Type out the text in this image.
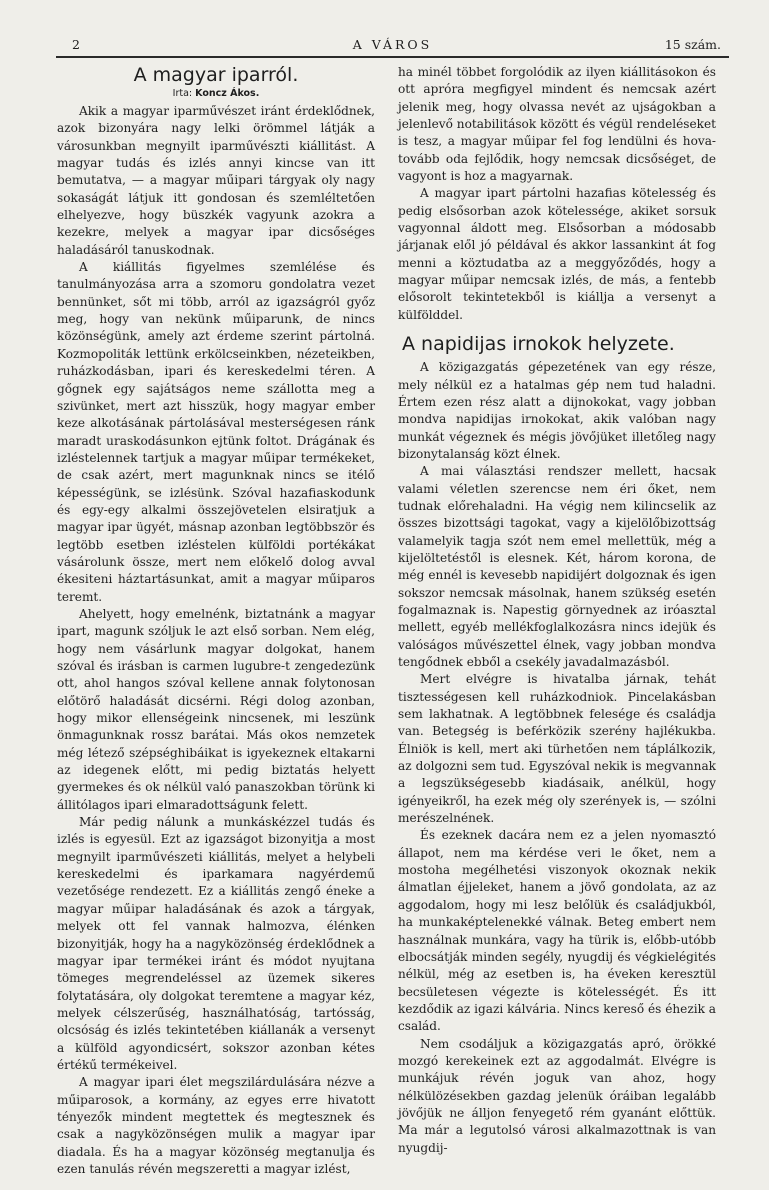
2	A VÁROS	15 szám.
A magyar iparról.
Irta: Koncz Ákos.

Akik a magyar iparművészet iránt érdeklődnek, azok bizonyára nagy lelki örömmel látják a városunkban megnyilt iparművészti kiállitást. A magyar tudás és izlés annyi kincse van itt bemutatva, — a magyar műipari tárgyak oly nagy sokaságát látjuk itt gondosan és szemléltetően elhelyezve, hogy büszkék vagyunk azokra a kezekre, melyek a magyar ipar dicsőséges haladásáról tanuskodnak.

A kiállitás figyelmes szemlélése és tanulmányozása arra a szomoru gondolatra vezet bennünket, sőt mi több, arról az igazságról győz meg, hogy van nekünk műiparunk, de nincs közönségünk, amely azt érdeme szerint pártolná. Kozmopoliták lettünk erkölcseinkben, nézeteikben, ruházkodásban, ipari és kereskedelmi téren. A gőgnek egy sajátságos neme szállotta meg a szivünket, mert azt hisszük, hogy magyar ember keze alkotásának pártolásával mesterségesen ránk maradt uraskodásunkon ejtünk foltot. Drágának és izléstelennek tartjuk a magyar műipar termékeket, de csak azért, mert magunknak nincs se itélő képességünk, se izlésünk. Szóval hazafiaskodunk és egy-egy alkalmi összejövetelen elsiratjuk a magyar ipar ügyét, másnap azonban legtöbbször és legtöbb esetben izléstelen külföldi portékákat vásárolunk össze, mert nem előkelő dolog avval ékesiteni háztartásunkat, amit a magyar műiparos teremt.

Ahelyett, hogy emelnénk, biztatnánk a magyar ipart, magunk szóljuk le azt első sorban. Nem elég, hogy nem vásárlunk magyar dolgokat, hanem szóval és irásban is carmen lugubre-t zengedezünk ott, ahol hangos szóval kellene annak folytonosan előtörő haladását dicsérni. Régi dolog azonban, hogy mikor ellenségeink nincsenek, mi leszünk önmagunknak rossz barátai. Más okos nemzetek még létező szépséghibáikat is igyekeznek eltakarni az idegenek előtt, mi pedig biztatás helyett gyermekes és ok nélkül való panaszokban törünk ki állitólagos ipari elmaradottságunk felett.

Már pedig nálunk a munkáskézzel tudás és izlés is egyesül. Ezt az igazságot bizonyitja a most megnyilt iparművészeti kiállitás, melyet a helybeli kereskedelmi és iparkamara nagyérdemű vezetősége rendezett. Ez a kiállitás zengő éneke a magyar műipar haladásának és azok a tárgyak, melyek ott fel vannak halmozva, élénken bizonyitják, hogy ha a nagyközönség érdeklődnek a magyar ipar termékei iránt és módot nyujtana tömeges megrendeléssel az üzemek sikeres folytatására, oly dolgokat teremtene a magyar kéz, melyek célszerűség, használhatóság, tartósság, olcsóság és izlés tekintetében kiállanák a versenyt a külföld agyondicsért, sokszor azonban kétes értékű termékeivel.

A magyar ipari élet megszilárdulására nézve a műiparosok, a kormány, az egyes erre hivatott tényezők mindent megtettek és megtesznek és csak a nagyközönségen mulik a magyar ipar diadala. És ha a magyar közönség megtanulja és ezen tanulás révén megszeretti a magyar izlést,

ha minél többet forgolódik az ilyen kiállitásokon és ott apróra megfigyel mindent és nemcsak azért jelenik meg, hogy olvassa nevét az ujságokban a jelenlevő notabilitások között és végül rendeléseket is tesz, a magyar műipar fel fog lendülni és hova-tovább oda fejlődik, hogy nemcsak dicsőséget, de vagyont is hoz a magyarnak.

A magyar ipart pártolni hazafias kötelesség és pedig elsősorban azok kötelessége, akiket sorsuk vagyonnal áldott meg. Elsősorban a módosabb járjanak elől jó példával és akkor lassankint át fog menni a köztudatba az a meggyőződés, hogy a magyar műipar nemcsak izlés, de más, a fentebb elősorolt tekintetekből is kiállja a versenyt a külfölddel.

A napidijas irnokok helyzete.

A közigazgatás gépezetének van egy része, mely nélkül ez a hatalmas gép nem tud haladni. Értem ezen rész alatt a dijnokokat, vagy jobban mondva napidijas irnokokat, akik valóban nagy munkát végeznek és mégis jövőjüket illetőleg nagy bizonytalanság közt élnek.

A mai választási rendszer mellett, hacsak valami véletlen szerencse nem éri őket, nem tudnak előrehaladni. Ha végig nem kilincselik az összes bizottsági tagokat, vagy a kijelölőbizottság valamelyik tagja szót nem emel mellettük, még a kijelöltetéstől is elesnek. Két, három korona, de még ennél is kevesebb napidijért dolgoznak és igen sokszor nemcsak másolnak, hanem szükség esetén fogalmaznak is. Napestig görnyednek az iróasztal mellett, egyéb mellékfoglalkozásra nincs idejük és valóságos művészettel élnek, vagy jobban mondva tengődnek ebből a csekély javadalmazásból.

Mert elvégre is hivatalba járnak, tehát tisztességesen kell ruházkodniok. Pincelakásban sem lakhatnak. A legtöbbnek felesége és családja van. Betegség is beférközik szerény hajlékukba. Élniök is kell, mert aki türhetően nem táplálkozik, az dolgozni sem tud. Egyszóval nekik is megvannak a legszükségesebb kiadásaik, anélkül, hogy igényeikről, ha ezek még oly szerények is, — szólni merészelnének.

És ezeknek dacára nem ez a jelen nyomasztó állapot, nem ma kérdése veri le őket, nem a mostoha megélhetési viszonyok okoznak nekik álmatlan éjjeleket, hanem a jövő gondolata, az az aggodalom, hogy mi lesz belőlük és családjukból, ha munkaképtelenekké válnak. Beteg embert nem használnak munkára, vagy ha türik is, előbb-utóbb elbocsátják minden segély, nyugdij és végkielégités nélkül, még az esetben is, ha éveken keresztül becsületesen végezte is kötelességét. És itt kezdődik az igazi kálvária. Nincs kereső és éhezik a család.

Nem csodáljuk a közigazgatás apró, örökké mozgó kerekeinek ezt az aggodalmát. Elvégre is munkájuk révén joguk van ahoz, hogy nélkülözésekben gazdag jelenük óráiban legalább jövőjük ne álljon fenyegető rém gyanánt előttük. Ma már a legutolsó városi alkalmazottnak is van nyugdij-
